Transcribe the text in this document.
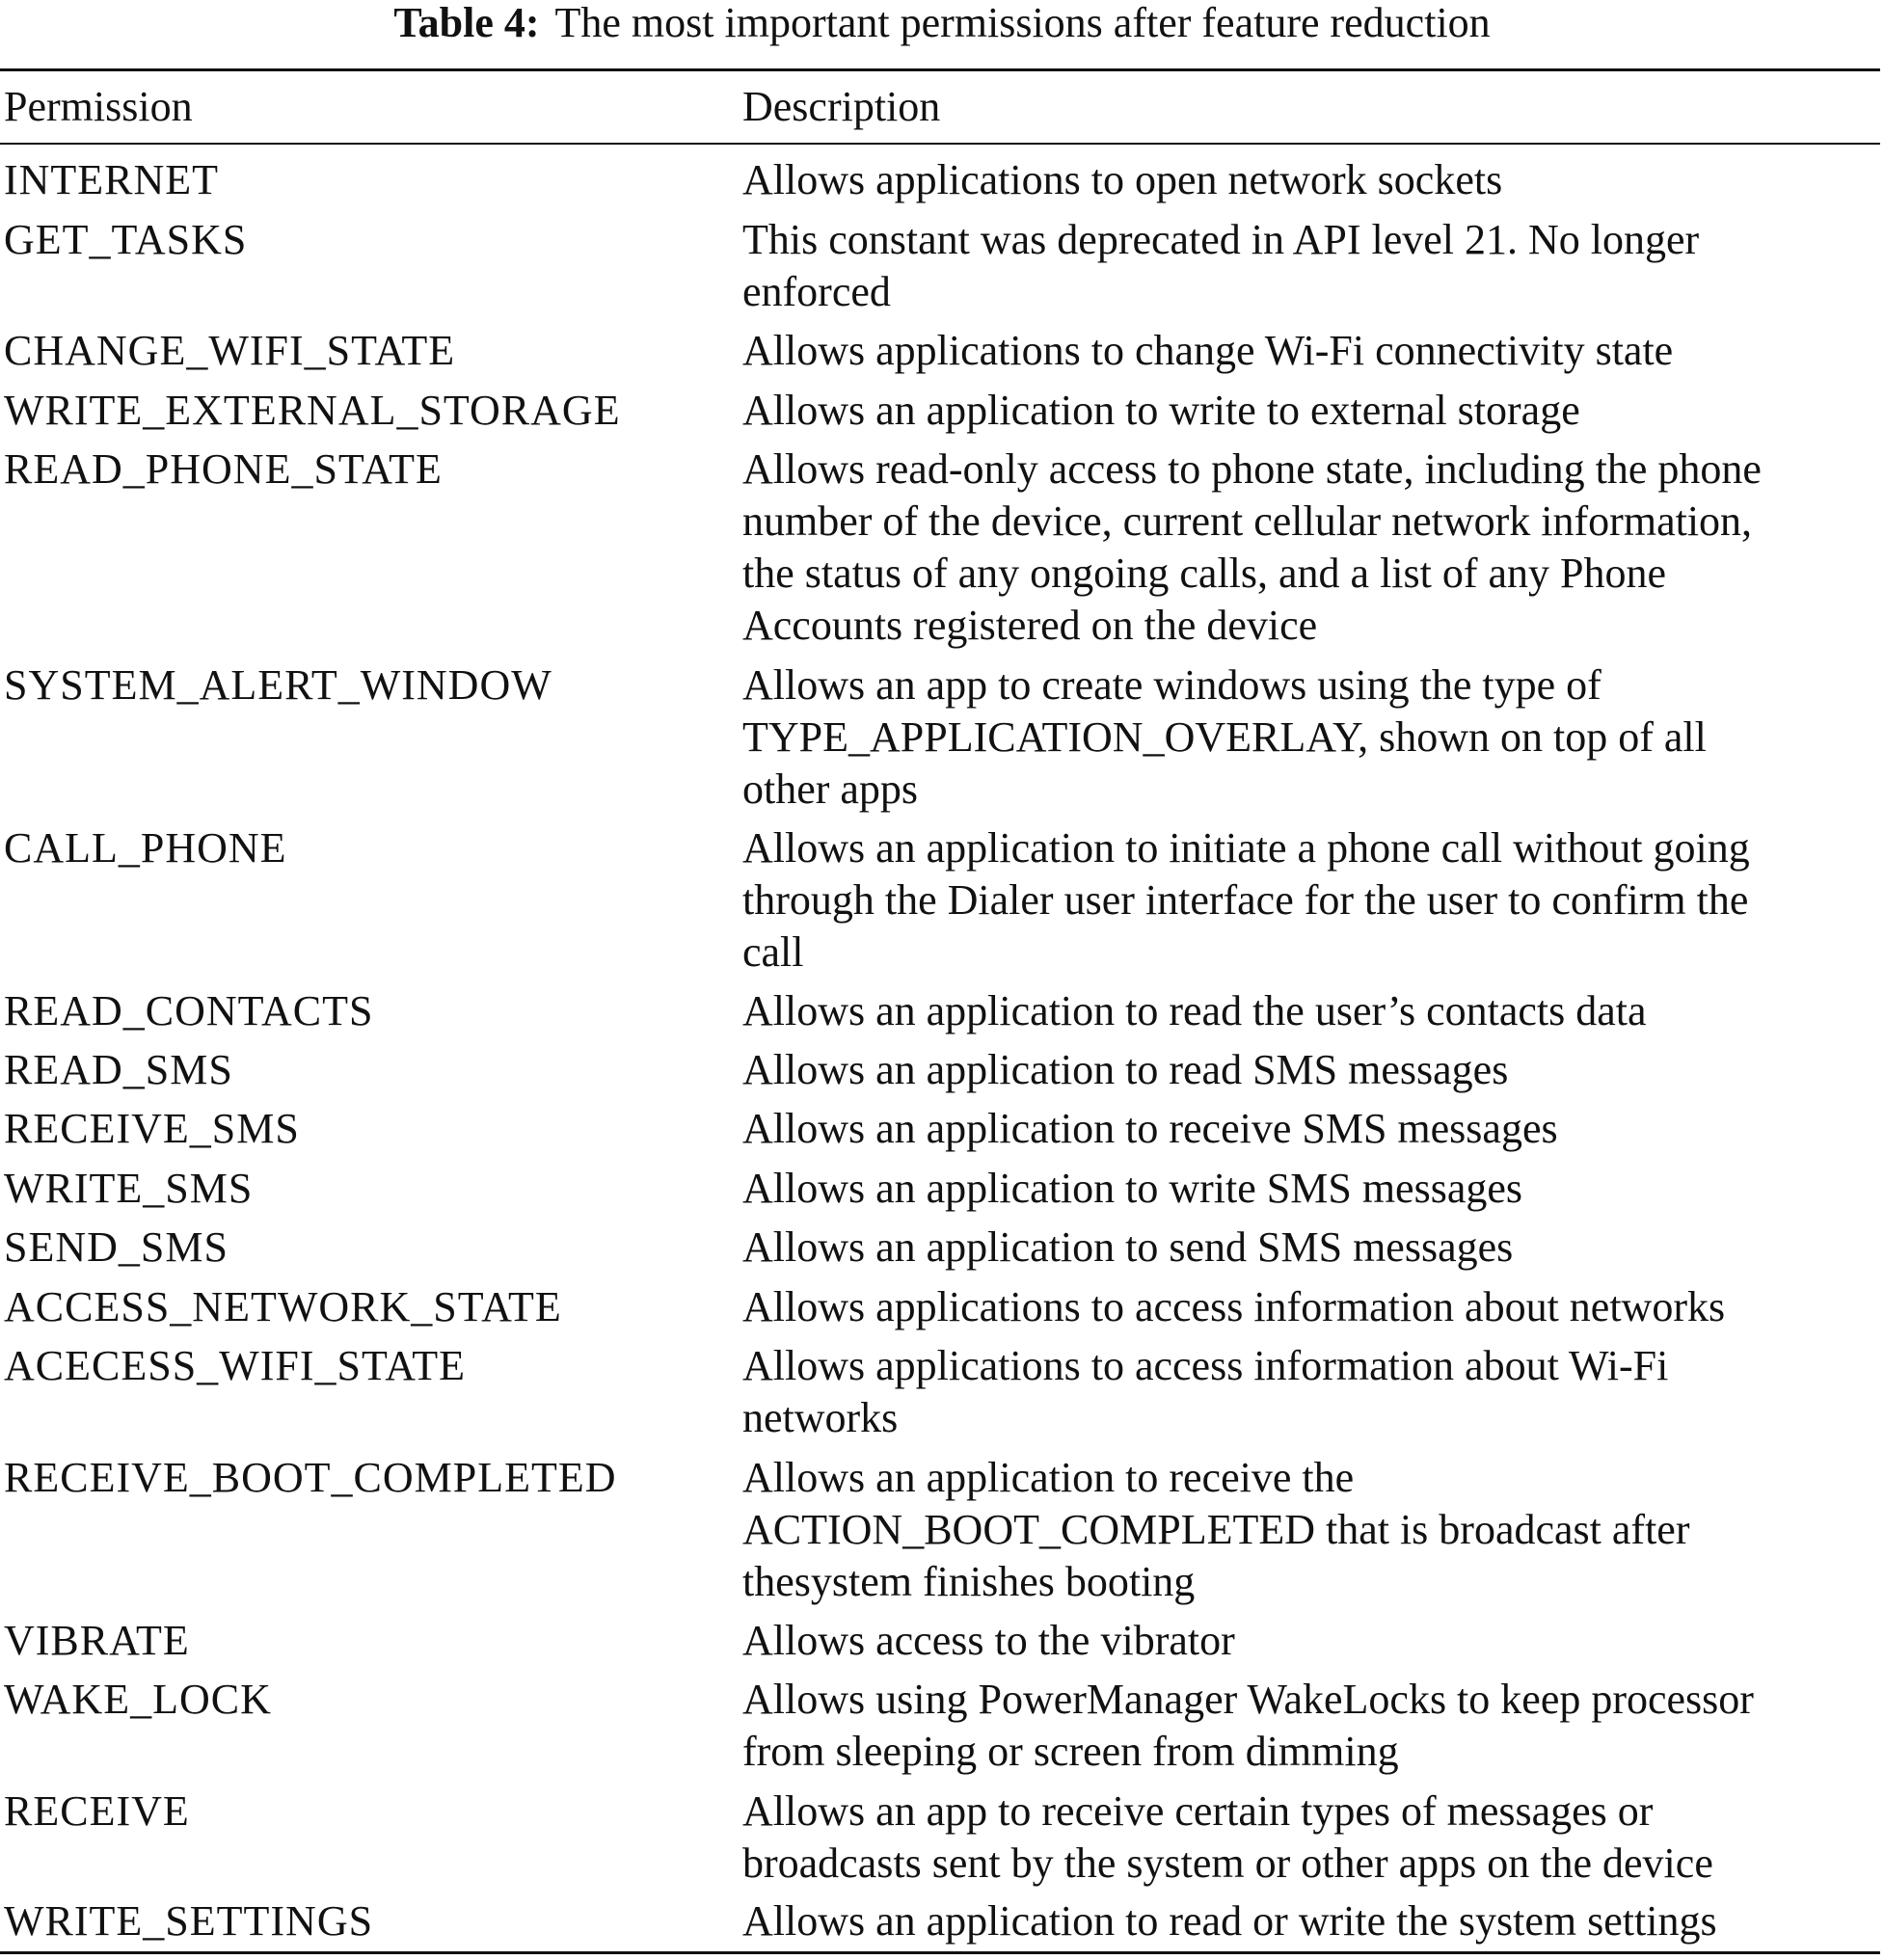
Table 4: The most important permissions after feature reduction
Permission	Description
INTERNET	Allows applications to open network sockets
GET_TASKS	This constant was deprecated in API level 21. No longer
enforced
CHANGE_WIFI_STATE	Allows applications to change Wi-Fi connectivity state
WRITE_EXTERNAL_STORAGE	Allows an application to write to external storage
READ_PHONE_STATE	Allows read-only access to phone state, including the phone
number of the device, current cellular network information,
the status of any ongoing calls, and a list of any Phone
Accounts registered on the device
SYSTEM_ALERT_WINDOW	Allows an app to create windows using the type of
TYPE_APPLICATION_OVERLAY, shown on top of all
other apps
CALL_PHONE	Allows an application to initiate a phone call without going
through the Dialer user interface for the user to confirm the
call
READ_CONTACTS	Allows an application to read the user’s contacts data
READ_SMS	Allows an application to read SMS messages
RECEIVE_SMS	Allows an application to receive SMS messages
WRITE_SMS	Allows an application to write SMS messages
SEND_SMS	Allows an application to send SMS messages
ACCESS_NETWORK_STATE	Allows applications to access information about networks
ACECESS_WIFI_STATE	Allows applications to access information about Wi-Fi
networks
RECEIVE_BOOT_COMPLETED	Allows an application to receive the
ACTION_BOOT_COMPLETED that is broadcast after
thesystem finishes booting
VIBRATE	Allows access to the vibrator
WAKE_LOCK	Allows using PowerManager WakeLocks to keep processor
from sleeping or screen from dimming
RECEIVE	Allows an app to receive certain types of messages or
broadcasts sent by the system or other apps on the device
WRITE_SETTINGS	Allows an application to read or write the system settings
